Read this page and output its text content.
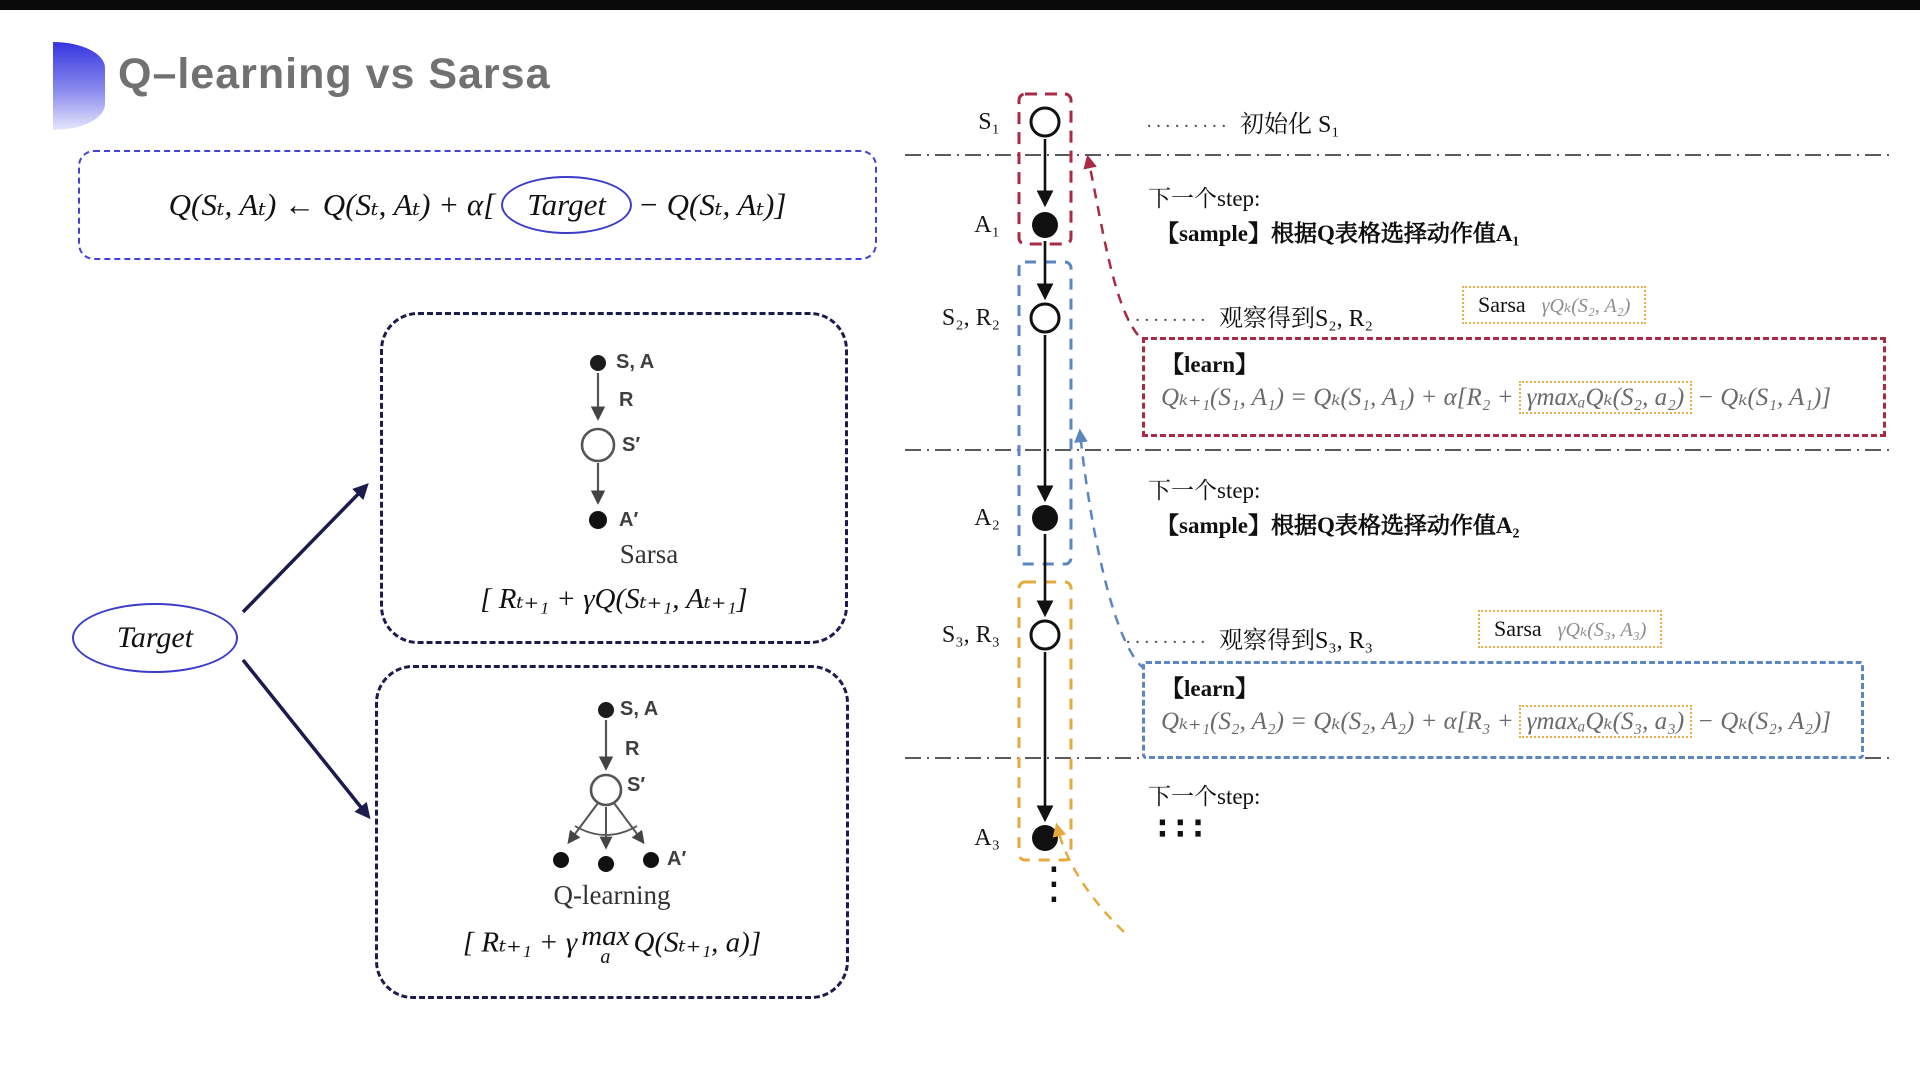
Q–learning vs Sarsa
Q(Sₜ, Aₜ) ← Q(Sₜ, Aₜ) + α[	Target	− Q(Sₜ, Aₜ)]
Target
S, A
R
S′
A′
Sarsa
[ Rₜ₊₁ + γQ(Sₜ₊₁, Aₜ₊₁]
S, A
R
S′
A′
Q-learning
[ Rₜ₊₁ + γ max
a Q(Sₜ₊₁, a)]
S₁
A₁
S₂, R₂
A₂
S₃, R₃
A₃
········· 初始化 S₁
下一个step:
【sample】根据Q表格选择动作值A₁
········· 观察得到S₂, R₂
Sarsa γQₖ(S₂, A₂)
【learn】
Qₖ₊₁(S₁, A₁) = Qₖ(S₁, A₁) + α[R₂ + γmaxₐQₖ(S₂, a₂) − Qₖ(S₁, A₁)]
下一个step:
【sample】根据Q表格选择动作值A₂
········· 观察得到S₃, R₃	Sarsa γQₖ(S₃, A₃)
【learn】
Qₖ₊₁(S₂, A₂) = Qₖ(S₂, A₂) + α[R₃ + γmaxₐQₖ(S₃, a₃) − Qₖ(S₂, A₂)]
下一个step:
∶∶∶
⋮
